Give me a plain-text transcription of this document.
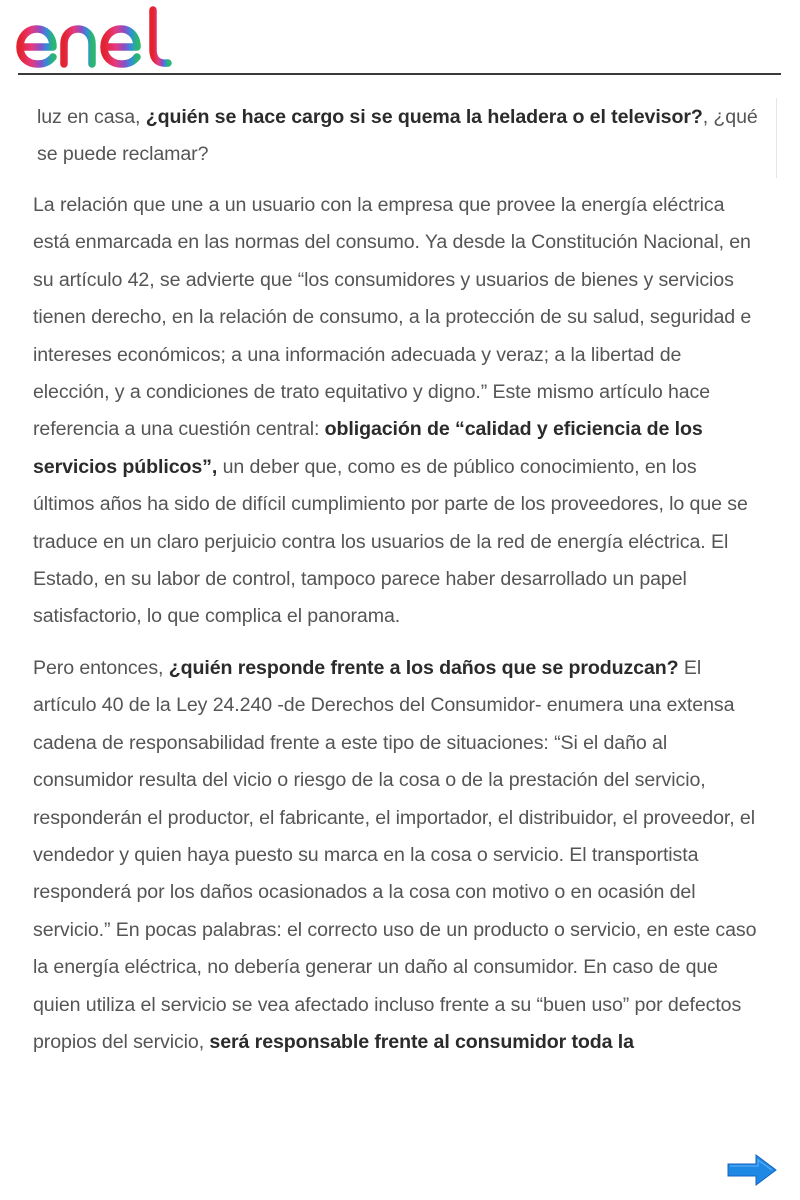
enel

luz en casa, ¿quién se hace cargo si se quema la heladera o el televisor?, ¿qué se puede reclamar?

La relación que une a un usuario con la empresa que provee la energía eléctrica está enmarcada en las normas del consumo. Ya desde la Constitución Nacional, en su artículo 42, se advierte que “los consumidores y usuarios de bienes y servicios tienen derecho, en la relación de consumo, a la protección de su salud, seguridad e intereses económicos; a una información adecuada y veraz; a la libertad de elección, y a condiciones de trato equitativo y digno.” Este mismo artículo hace referencia a una cuestión central: obligación de “calidad y eficiencia de los servicios públicos”, un deber que, como es de público conocimiento, en los últimos años ha sido de difícil cumplimiento por parte de los proveedores, lo que se traduce en un claro perjuicio contra los usuarios de la red de energía eléctrica. El Estado, en su labor de control, tampoco parece haber desarrollado un papel satisfactorio, lo que complica el panorama.

Pero entonces, ¿quién responde frente a los daños que se produzcan? El artículo 40 de la Ley 24.240 -de Derechos del Consumidor- enumera una extensa cadena de responsabilidad frente a este tipo de situaciones: “Si el daño al consumidor resulta del vicio o riesgo de la cosa o de la prestación del servicio, responderán el productor, el fabricante, el importador, el distribuidor, el proveedor, el vendedor y quien haya puesto su marca en la cosa o servicio. El transportista responderá por los daños ocasionados a la cosa con motivo o en ocasión del servicio.” En pocas palabras: el correcto uso de un producto o servicio, en este caso la energía eléctrica, no debería generar un daño al consumidor. En caso de que quien utiliza el servicio se vea afectado incluso frente a su “buen uso” por defectos propios del servicio, será responsable frente al consumidor toda la
